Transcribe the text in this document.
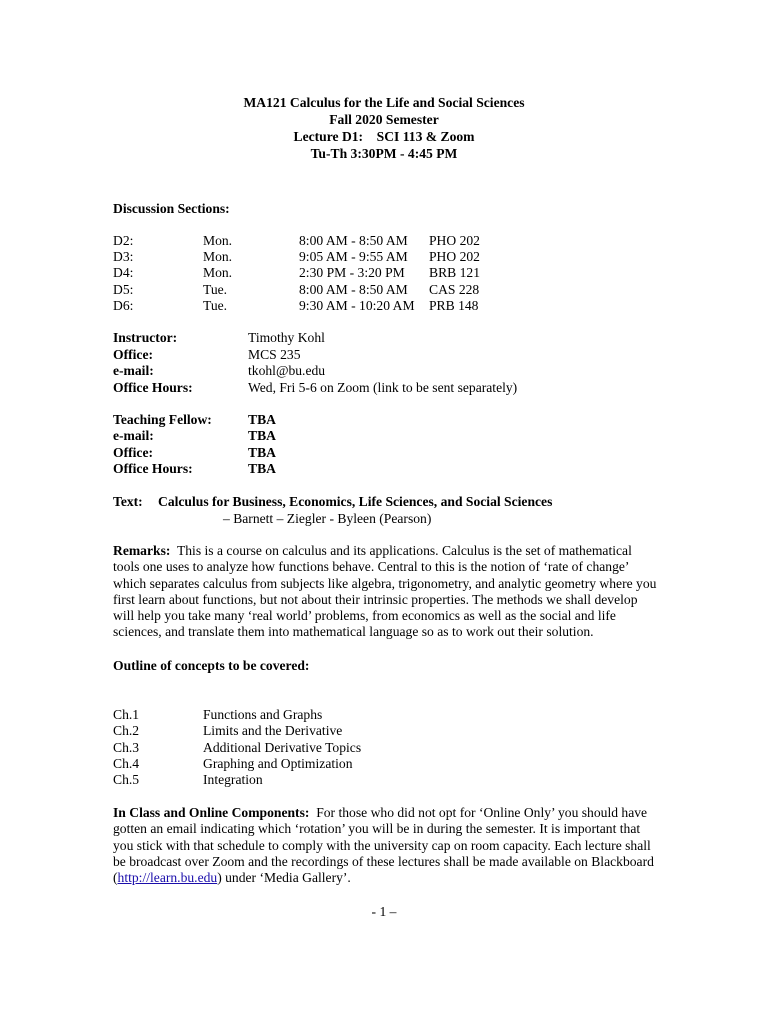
MA121 Calculus for the Life and Social Sciences
Fall 2020 Semester
Lecture D1:    SCI 113 & Zoom
Tu-Th 3:30PM - 4:45 PM
Discussion Sections:
D2:	Mon.	8:00 AM - 8:50 AM PHO 202
D3:	Mon.	9:05 AM - 9:55 AM PHO 202
D4:	Mon.	2:30 PM - 3:20 PM BRB 121
D5:	Tue.	8:00 AM - 8:50 AM CAS 228
D6:	Tue.	9:30 AM - 10:20 AM PRB 148
Instructor:	Timothy Kohl
Office:	MCS 235
e-mail:	tkohl@bu.edu
Office Hours:	Wed, Fri 5-6 on Zoom (link to be sent separately)
Teaching Fellow:	TBA
e-mail:	TBA
Office:	TBA
Office Hours:	TBA
Text: Calculus for Business, Economics, Life Sciences, and Social Sciences
– Barnett – Ziegler - Byleen (Pearson)
Remarks: This is a course on calculus and its applications. Calculus is the set of mathematical tools one uses to analyze how functions behave. Central to this is the notion of ‘rate of change’ which separates calculus from subjects like algebra, trigonometry, and analytic geometry where you first learn about functions, but not about their intrinsic properties. The methods we shall develop will help you take many ‘real world’ problems, from economics as well as the social and life sciences, and translate them into mathematical language so as to work out their solution.
Outline of concepts to be covered:
Ch.1	Functions and Graphs
Ch.2	Limits and the Derivative
Ch.3	Additional Derivative Topics
Ch.4	Graphing and Optimization
Ch.5	Integration
In Class and Online Components: For those who did not opt for ‘Online Only’ you should have gotten an email indicating which ‘rotation’ you will be in during the semester. It is important that you stick with that schedule to comply with the university cap on room capacity. Each lecture shall be broadcast over Zoom and the recordings of these lectures shall be made available on Blackboard (http://learn.bu.edu) under ‘Media Gallery’.
- 1 –
